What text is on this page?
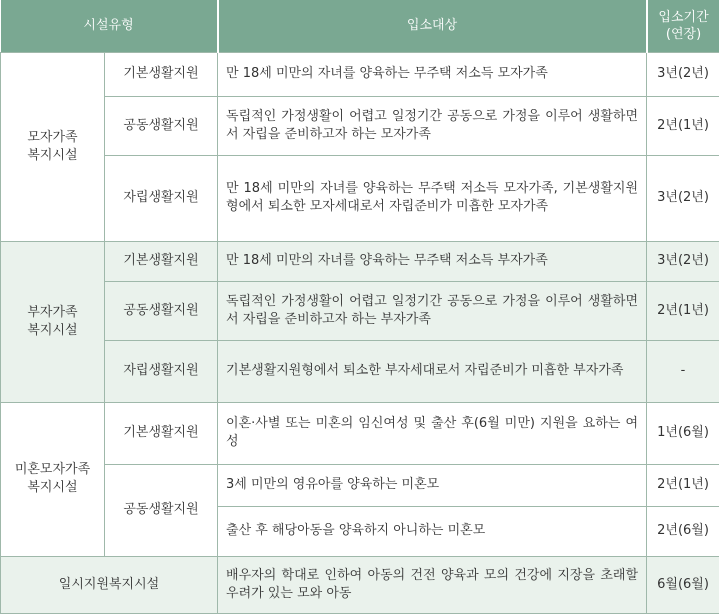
시설유형		입소대상	입소기간
(연장)

모자가족
복지시설	기본생활지원	만 18세 미만의 자녀를 양육하는 무주택 저소득 모자가족	3년(2년)
	공동생활지원	독립적인 가정생활이 어렵고 일정기간 공동으로 가정을 이루어 생활하면서 자립을 준비하고자 하는 모자가족	2년(1년)
	자립생활지원	만 18세 미만의 자녀를 양육하는 무주택 저소득 모자가족, 기본생활지원형에서 퇴소한 모자세대로서 자립준비가 미흡한 모자가족	3년(2년)

부자가족
복지시설	기본생활지원	만 18세 미만의 자녀를 양육하는 무주택 저소득 부자가족	3년(2년)
	공동생활지원	독립적인 가정생활이 어렵고 일정기간 공동으로 가정을 이루어 생활하면서 자립을 준비하고자 하는 부자가족	2년(1년)
	자립생활지원	기본생활지원형에서 퇴소한 부자세대로서 자립준비가 미흡한 부자가족	-

미혼모자가족
복지시설	기본생활지원	이혼·사별 또는 미혼의 임신여성 및 출산 후(6월 미만) 지원을 요하는 여성	1년(6월)
	공동생활지원	3세 미만의 영유아를 양육하는 미혼모	2년(1년)
		출산 후 해당아동을 양육하지 아니하는 미혼모	2년(6월)
일시지원복지시설		배우자의 학대로 인하여 아동의 건전 양육과 모의 건강에 지장을 초래할 우려가 있는 모와 아동	6월(6월)
